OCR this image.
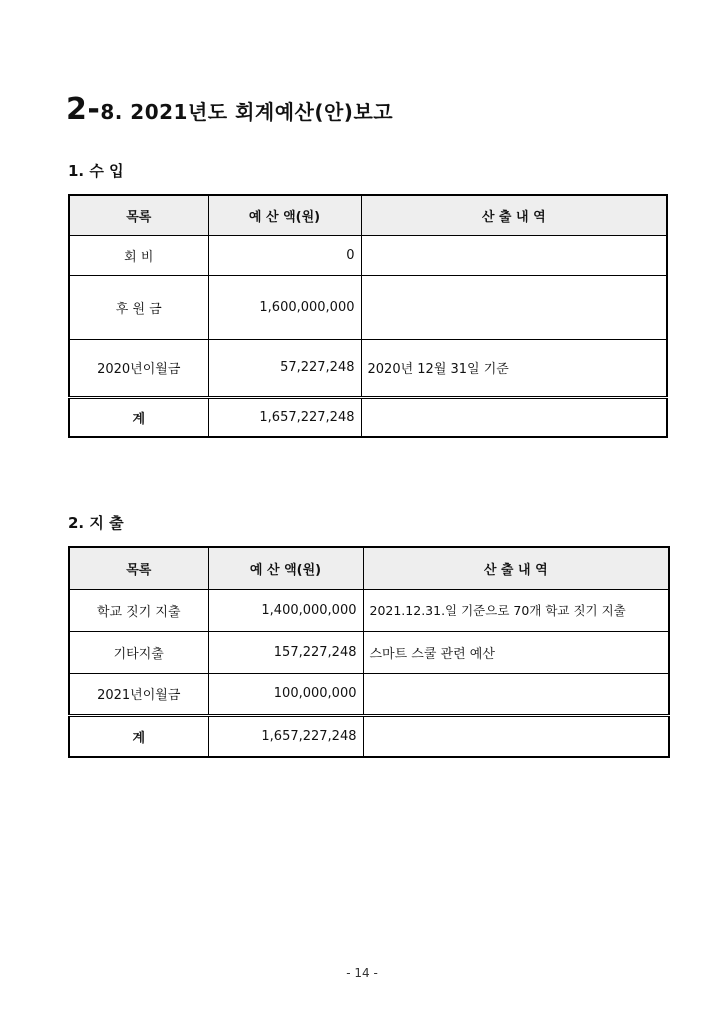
2-8. 2021년도 회계예산(안)보고
1. 수 입
목록	예 산 액(원)	산 출 내 역
회 비	0	
후 원 금	1,600,000,000	
2020년이월금	57,227,248	2020년 12월 31일 기준
계	1,657,227,248	
2. 지 출
목록	예 산 액(원)	산 출 내 역
학교 짓기 지출	1,400,000,000	2021.12.31.일 기준으로 70개 학교 짓기 지출
기타지출	157,227,248	스마트 스쿨 관련 예산
2021년이월금	100,000,000	
계	1,657,227,248	
- 14 -
